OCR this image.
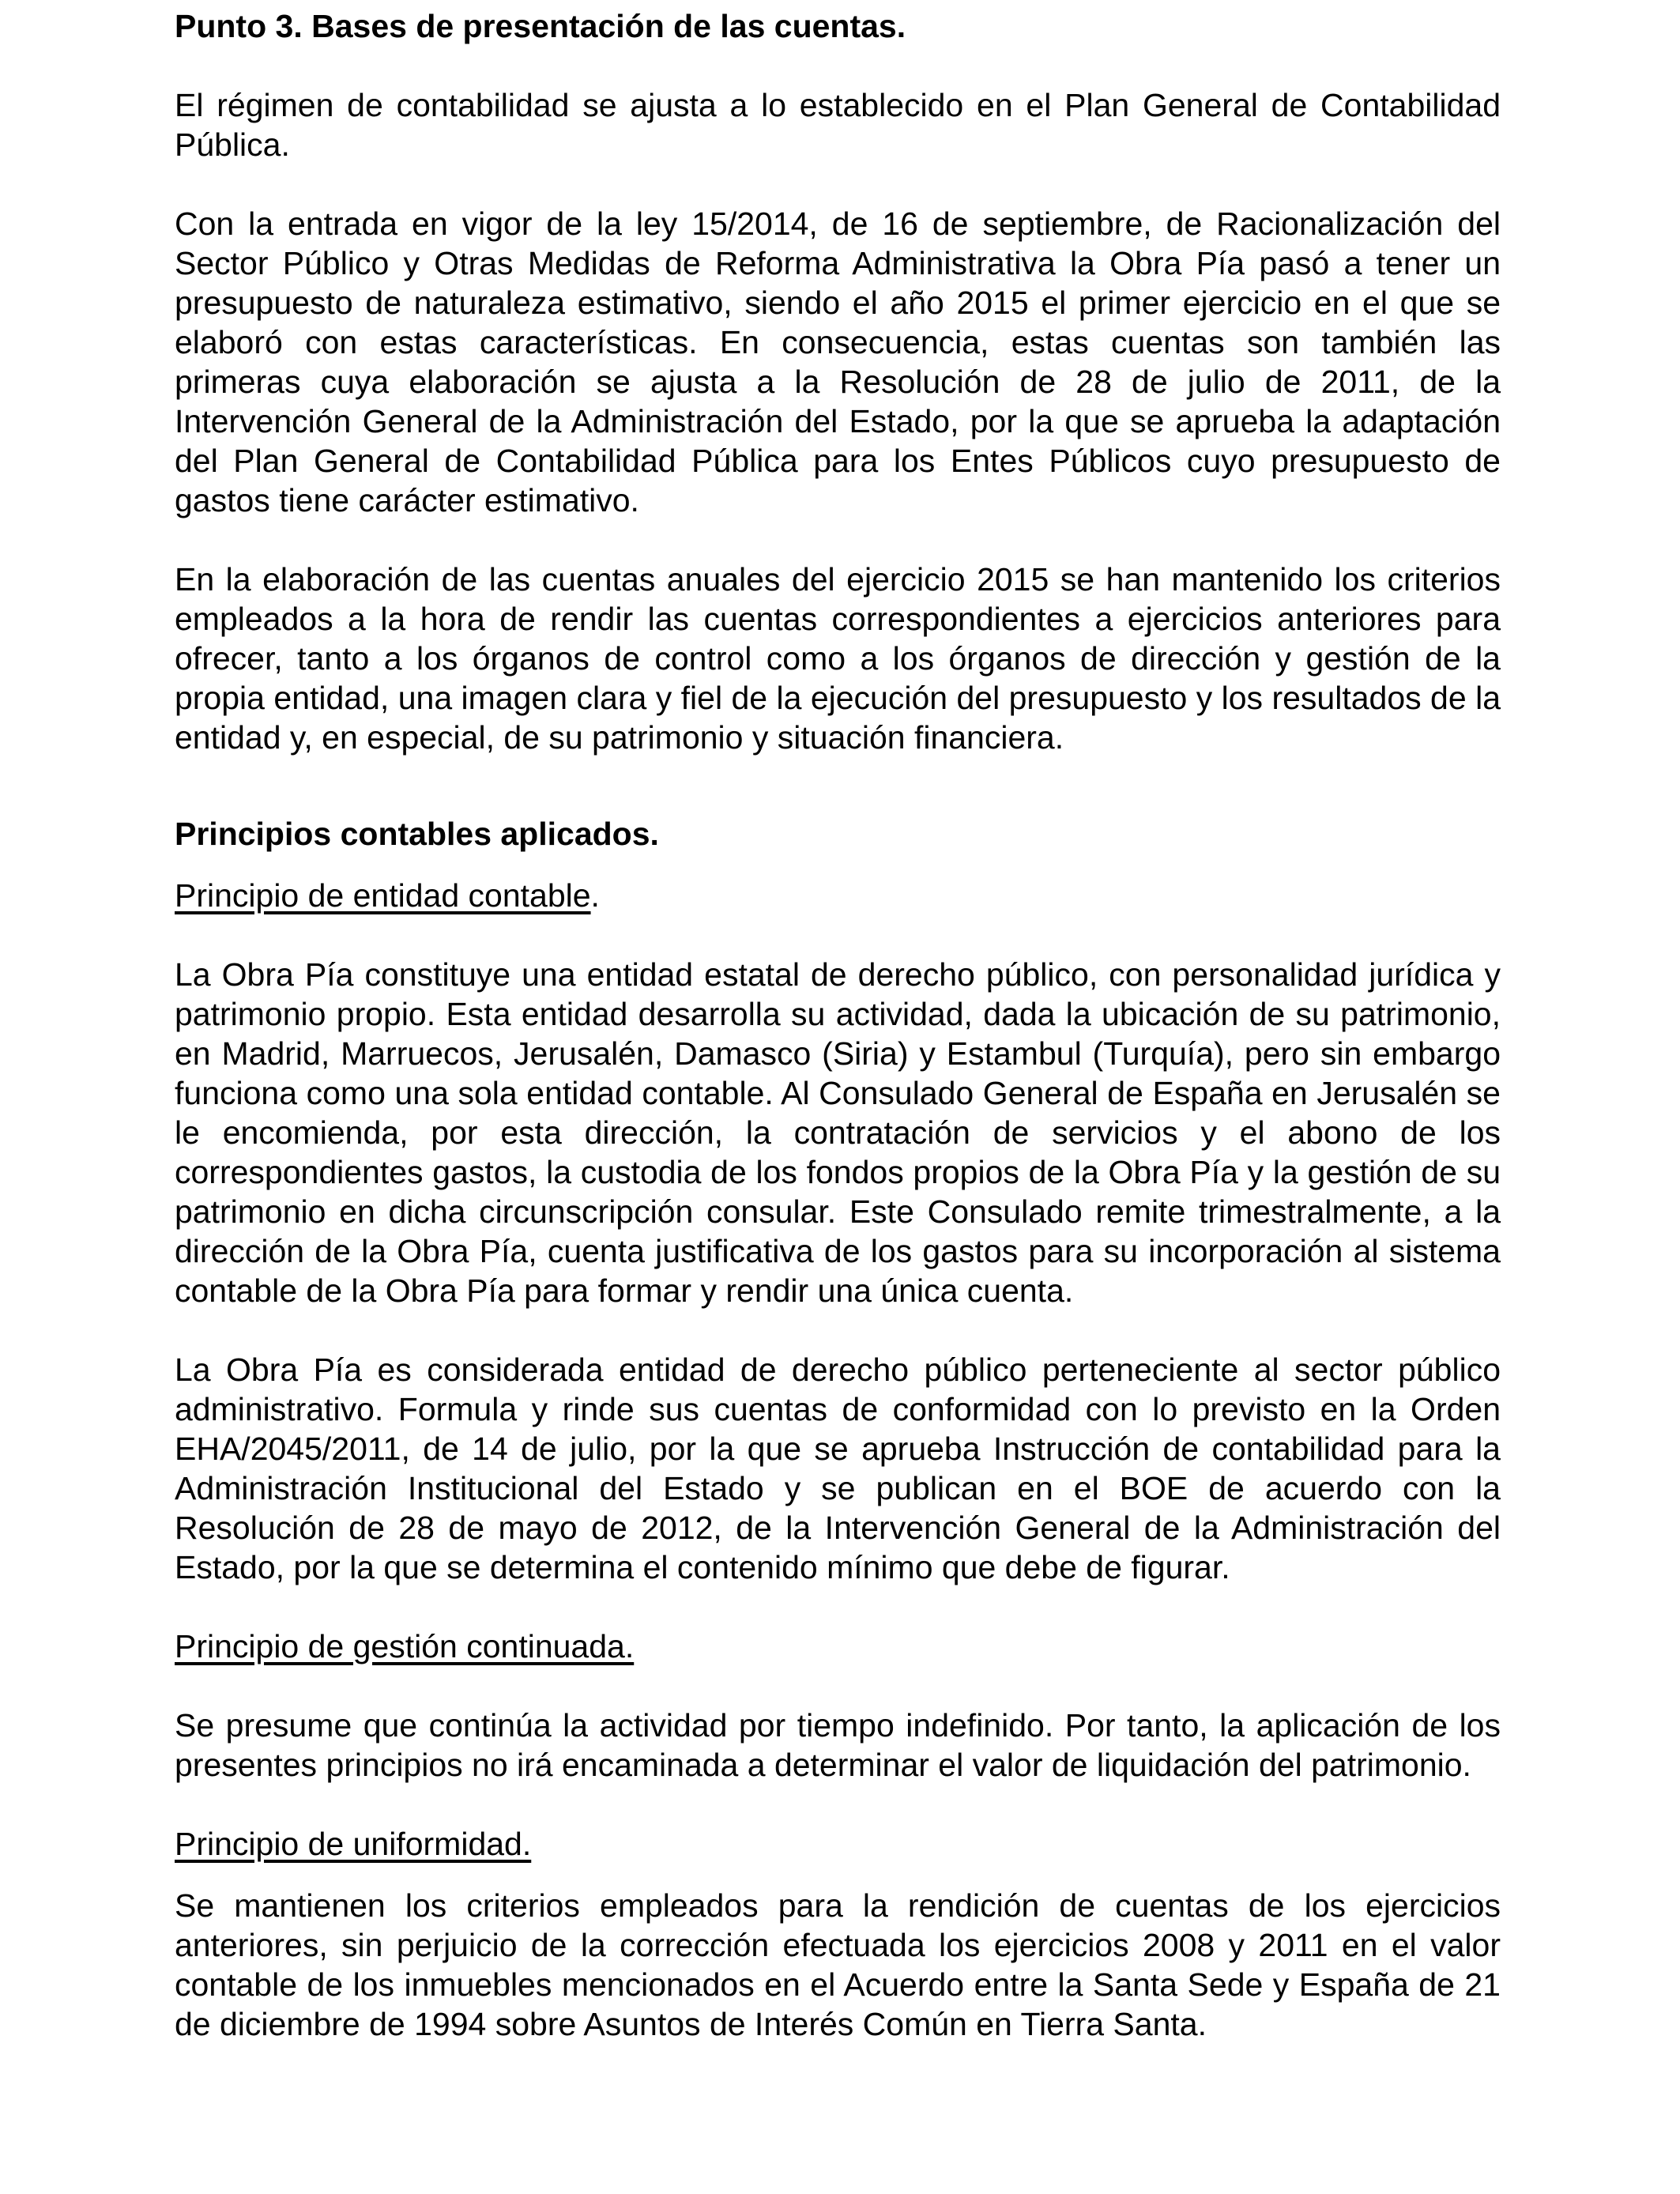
Punto 3. Bases de presentación de las cuentas.

El régimen de contabilidad se ajusta a lo establecido en el Plan General de Contabilidad Pública.

Con la entrada en vigor de la ley 15/2014, de 16 de septiembre, de Racionalización del Sector Público y Otras Medidas de Reforma Administrativa la Obra Pía pasó a tener un presupuesto de naturaleza estimativo, siendo el año 2015 el primer ejercicio en el que se elaboró con estas características. En consecuencia, estas cuentas son también las primeras cuya elaboración se ajusta a la Resolución de 28 de julio de 2011, de la Intervención General de la Administración del Estado, por la que se aprueba la adaptación del Plan General de Contabilidad Pública para los Entes Públicos cuyo presupuesto de gastos tiene carácter estimativo.

En la elaboración de las cuentas anuales del ejercicio 2015 se han mantenido los criterios empleados a la hora de rendir las cuentas correspondientes a ejercicios anteriores para ofrecer, tanto a los órganos de control como a los órganos de dirección y gestión de la propia entidad, una imagen clara y fiel de la ejecución del presupuesto y los resultados de la entidad y, en especial, de su patrimonio y situación financiera.

Principios contables aplicados.

Principio de entidad contable.

La Obra Pía constituye una entidad estatal de derecho público, con personalidad jurídica y patrimonio propio. Esta entidad desarrolla su actividad, dada la ubicación de su patrimonio, en Madrid, Marruecos, Jerusalén, Damasco (Siria) y Estambul (Turquía), pero sin embargo funciona como una sola entidad contable. Al Consulado General de España en Jerusalén se le encomienda, por esta dirección, la contratación de servicios y el abono de los correspondientes gastos, la custodia de los fondos propios de la Obra Pía y la gestión de su patrimonio en dicha circunscripción consular. Este Consulado remite trimestralmente, a la dirección de la Obra Pía, cuenta justificativa de los gastos para su incorporación al sistema contable de la Obra Pía para formar y rendir una única cuenta.

La Obra Pía es considerada entidad de derecho público perteneciente al sector público administrativo. Formula y rinde sus cuentas de conformidad con lo previsto en la Orden EHA/2045/2011, de 14 de julio, por la que se aprueba Instrucción de contabilidad para la Administración Institucional del Estado y se publican en el BOE de acuerdo con la Resolución de 28 de mayo de 2012, de la Intervención General de la Administración del Estado, por la que se determina el contenido mínimo que debe de figurar.

Principio de gestión continuada.

Se presume que continúa la actividad por tiempo indefinido. Por tanto, la aplicación de los presentes principios no irá encaminada a determinar el valor de liquidación del patrimonio.

Principio de uniformidad.

Se mantienen los criterios empleados para la rendición de cuentas de los ejercicios anteriores, sin perjuicio de la corrección efectuada los ejercicios 2008 y 2011 en el valor contable de los inmuebles mencionados en el Acuerdo entre la Santa Sede y España de 21 de diciembre de 1994 sobre Asuntos de Interés Común en Tierra Santa.
